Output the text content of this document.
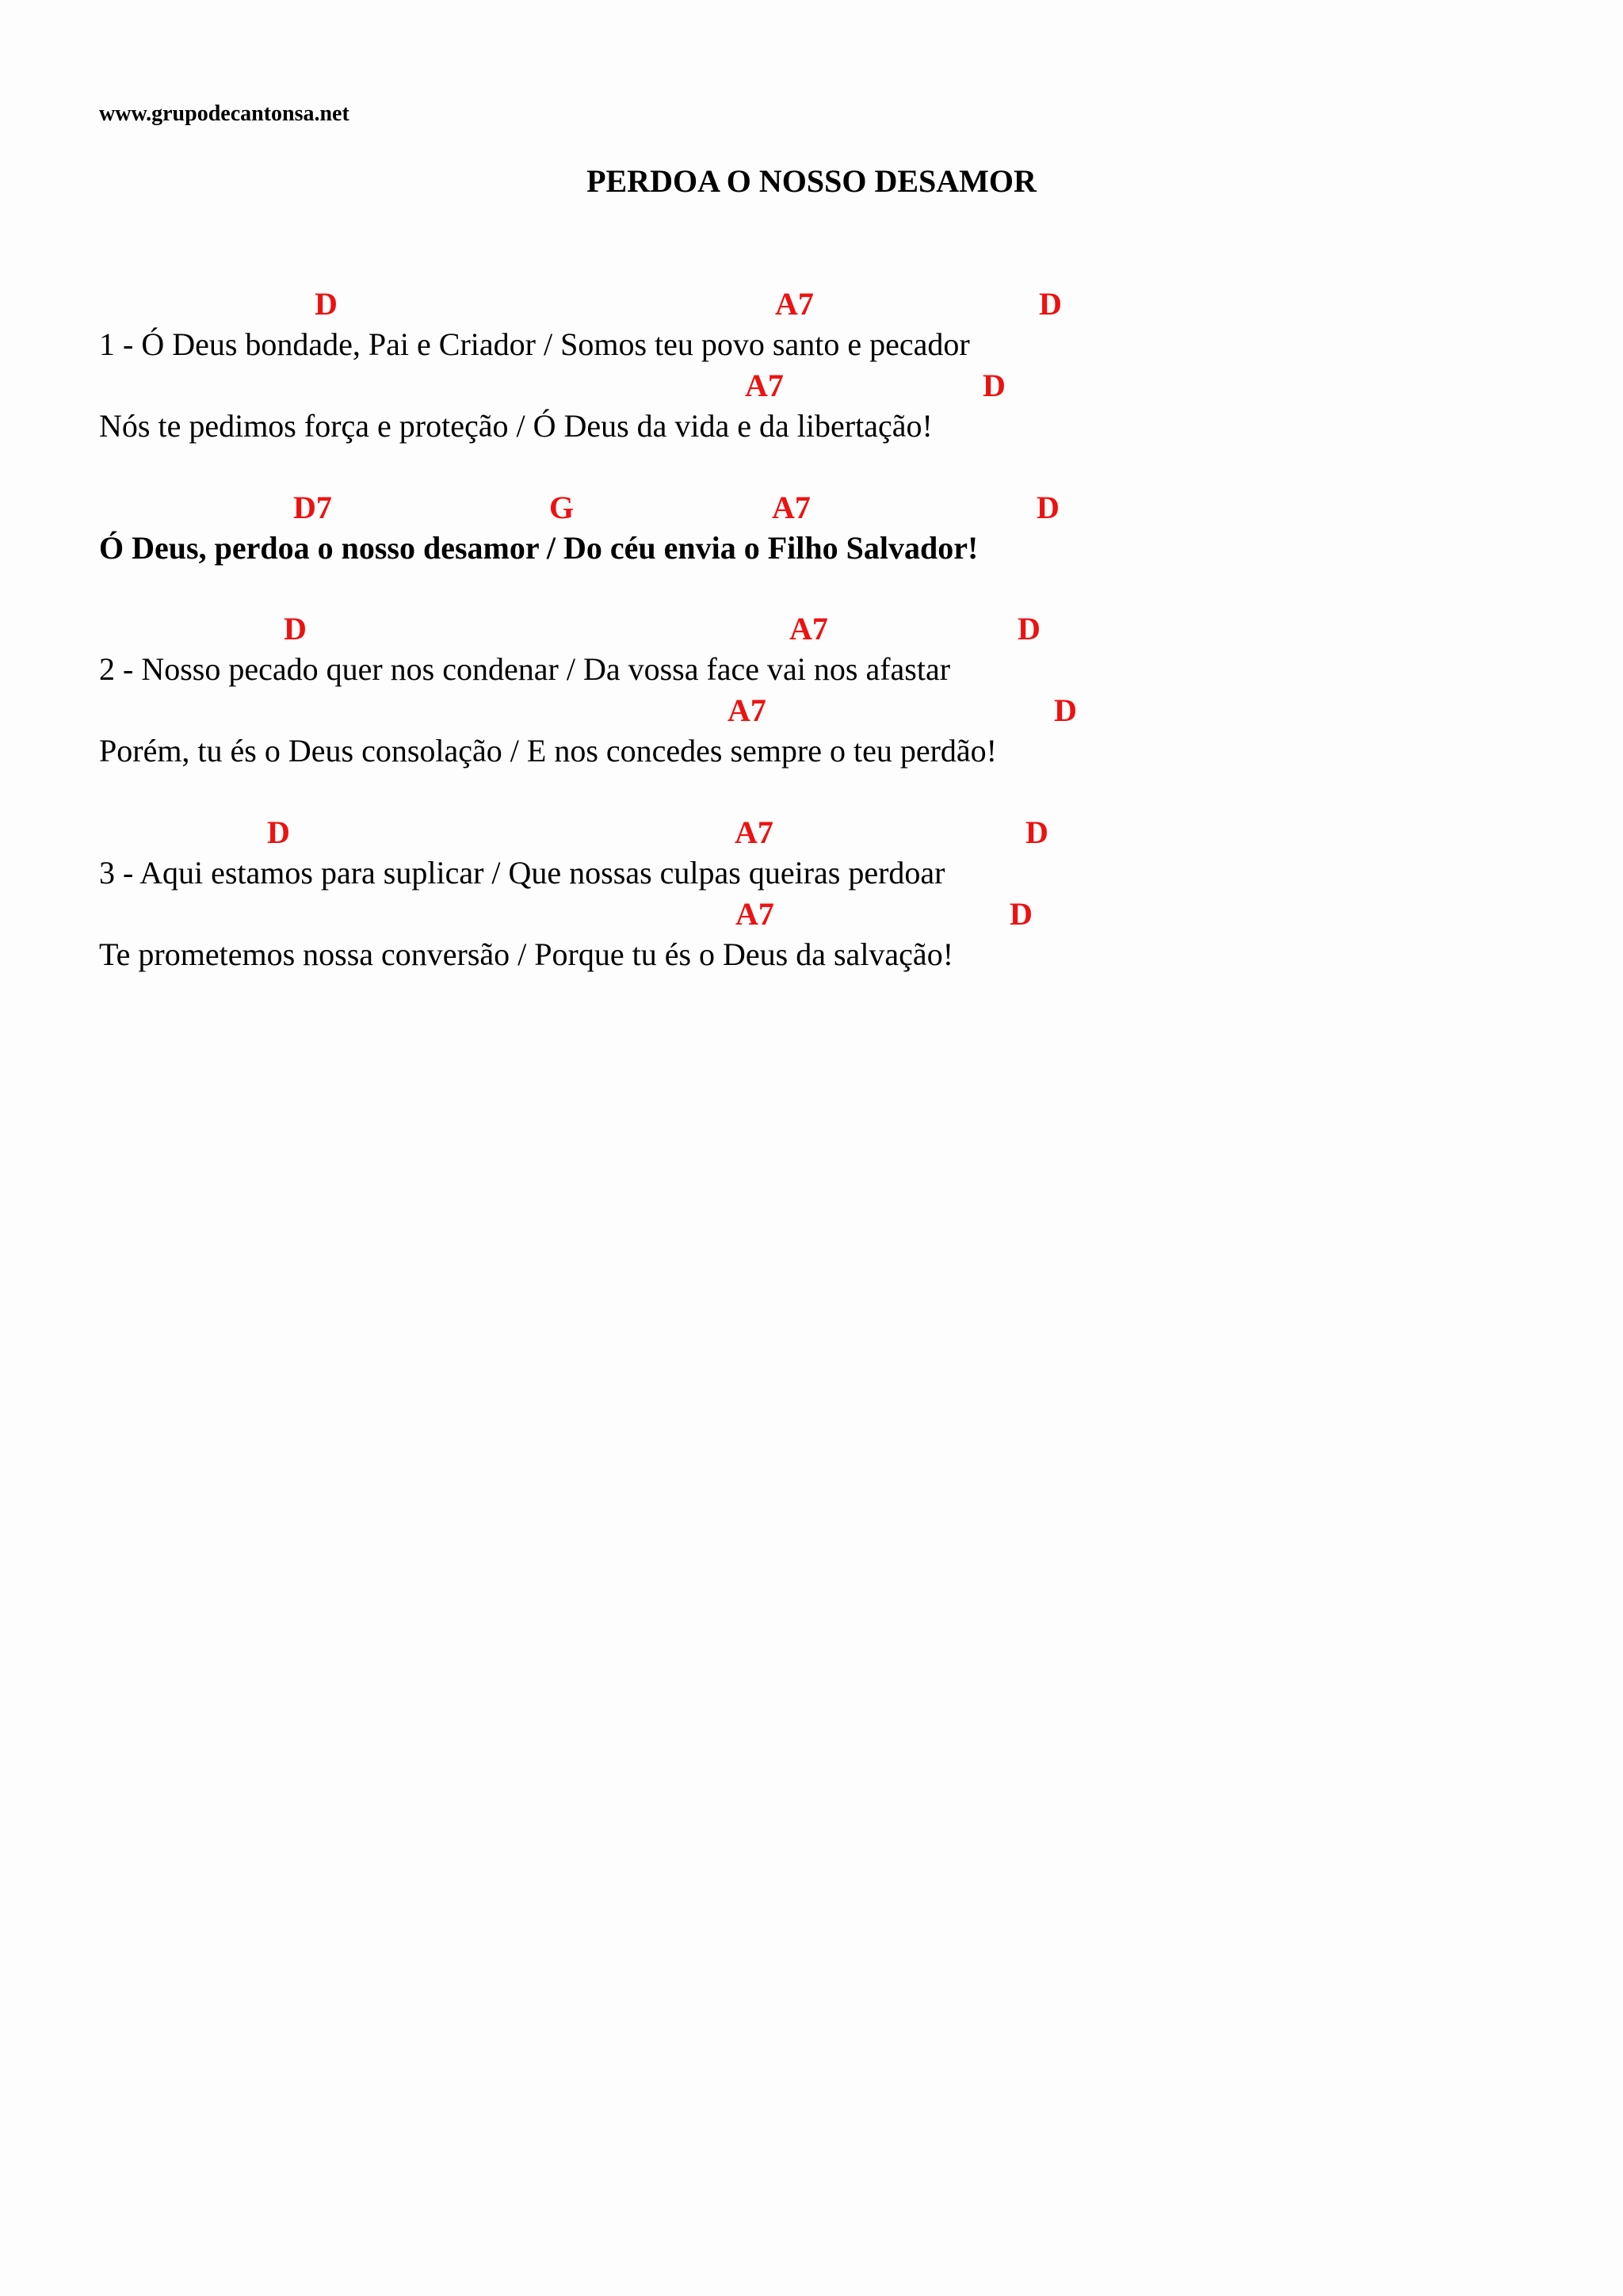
www.grupodecantonsa.net
PERDOA O NOSSO DESAMOR
D	A7	D
1 - Ó Deus bondade, Pai e Criador / Somos teu povo santo e pecador
A7	D
Nós te pedimos força e proteção / Ó Deus da vida e da libertação!
D7	G	A7	D
Ó Deus, perdoa o nosso desamor / Do céu envia o Filho Salvador!
D	A7	D
2 - Nosso pecado quer nos condenar / Da vossa face vai nos afastar
A7	D
Porém, tu és o Deus consolação / E nos concedes sempre o teu perdão!
D	A7	D
3 - Aqui estamos para suplicar / Que nossas culpas queiras perdoar
A7	D
Te prometemos nossa conversão / Porque tu és o Deus da salvação!
